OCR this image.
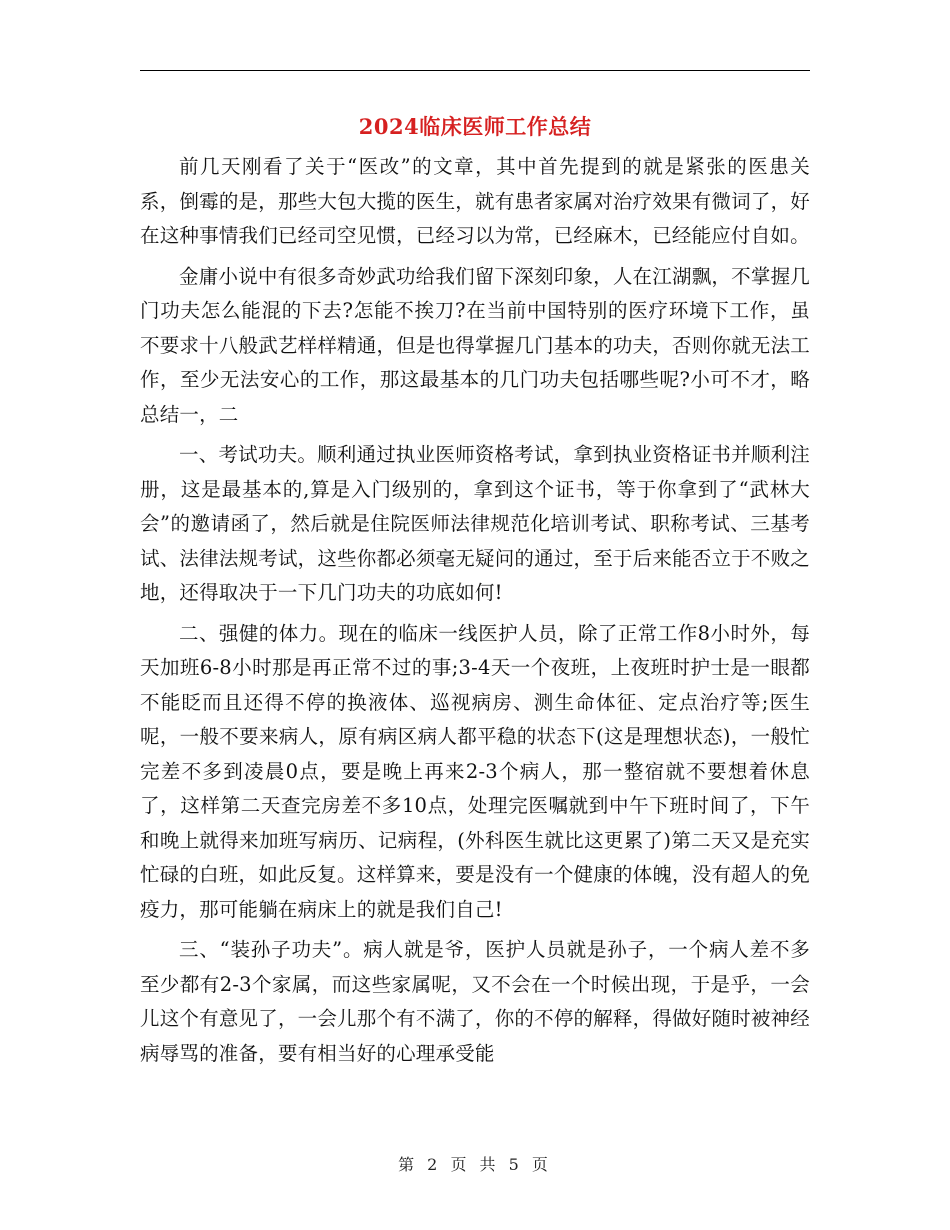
2024临床医师工作总结

前几天刚看了关于“医改”的文章，其中首先提到的就是紧张的医患关系，倒霉的是，那些大包大揽的医生，就有患者家属对治疗效果有微词了，好在这种事情我们已经司空见惯，已经习以为常，已经麻木，已经能应付自如。

金庸小说中有很多奇妙武功给我们留下深刻印象，人在江湖飘，不掌握几门功夫怎么能混的下去?怎能不挨刀?在当前中国特别的医疗环境下工作，虽不要求十八般武艺样样精通，但是也得掌握几门基本的功夫，否则你就无法工作，至少无法安心的工作，那这最基本的几门功夫包括哪些呢?小可不才，略总结一，二

一、考试功夫。顺利通过执业医师资格考试，拿到执业资格证书并顺利注册，这是最基本的,算是入门级别的，拿到这个证书，等于你拿到了“武林大会”的邀请函了，然后就是住院医师法律规范化培训考试、职称考试、三基考试、法律法规考试，这些你都必须毫无疑问的通过，至于后来能否立于不败之地，还得取决于一下几门功夫的功底如何!

二、强健的体力。现在的临床一线医护人员，除了正常工作8小时外，每天加班6-8小时那是再正常不过的事;3-4天一个夜班，上夜班时护士是一眼都不能眨而且还得不停的换液体、巡视病房、测生命体征、定点治疗等;医生呢，一般不要来病人，原有病区病人都平稳的状态下(这是理想状态)，一般忙完差不多到凌晨0点，要是晚上再来2-3个病人，那一整宿就不要想着休息了，这样第二天查完房差不多10点，处理完医嘱就到中午下班时间了，下午和晚上就得来加班写病历、记病程，(外科医生就比这更累了)第二天又是充实忙碌的白班，如此反复。这样算来，要是没有一个健康的体魄，没有超人的免疫力，那可能躺在病床上的就是我们自己!

三、“装孙子功夫”。病人就是爷，医护人员就是孙子，一个病人差不多至少都有2-3个家属，而这些家属呢，又不会在一个时候出现，于是乎，一会儿这个有意见了，一会儿那个有不满了，你的不停的解释，得做好随时被神经病辱骂的准备，要有相当好的心理承受能

第 2 页 共 5 页
